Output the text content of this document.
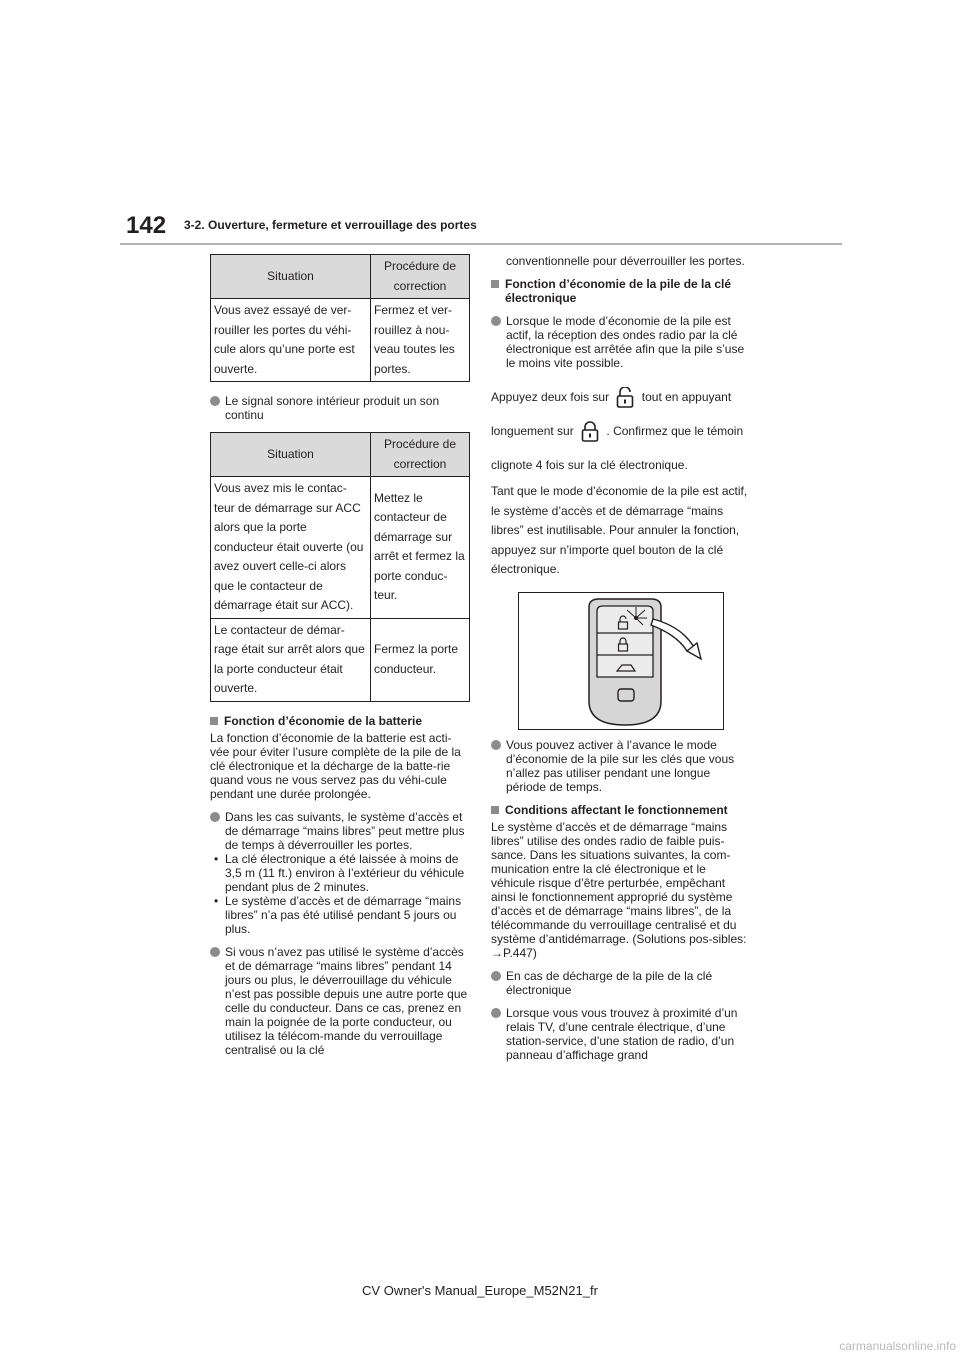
142 3-2. Ouverture, fermeture et verrouillage des portes
Situation	Procédure de correction
Vous avez essayé de ver-rouiller les portes du véhi-cule alors qu’une porte est ouverte.	Fermez et ver-rouillez à nou-veau toutes les portes.

Le signal sonore intérieur produit un son continu

Situation	Procédure de correction
Vous avez mis le contac-teur de démarrage sur ACC alors que la porte conducteur était ouverte (ou avez ouvert celle-ci alors que le contacteur de démarrage était sur ACC).	Mettez le contacteur de démarrage sur arrêt et fermez la porte conduc-teur.
Le contacteur de démar-rage était sur arrêt alors que la porte conducteur était ouverte.	Fermez la porte conducteur.
Fonction d’économie de la batterie

La fonction d’économie de la batterie est acti-vée pour éviter l’usure complète de la pile de la clé électronique et la décharge de la batte-rie quand vous ne vous servez pas du véhi-cule pendant une durée prolongée.

Dans les cas suivants, le système d’accès et de démarrage “mains libres” peut mettre plus de temps à déverrouiller les portes.

• La clé électronique a été laissée à moins de 3,5 m (11 ft.) environ à l’extérieur du véhicule pendant plus de 2 minutes.

• Le système d’accès et de démarrage “mains libres” n’a pas été utilisé pendant 5 jours ou plus.

Si vous n’avez pas utilisé le système d’accès et de démarrage “mains libres” pendant 14 jours ou plus, le déverrouillage du véhicule n’est pas possible depuis une autre porte que celle du conducteur. Dans ce cas, prenez en main la poignée de la porte conducteur, ou utilisez la télécom-mande du verrouillage centralisé ou la clé

conventionnelle pour déverrouiller les portes.

Fonction d’économie de la pile de la clé électronique

Lorsque le mode d’économie de la pile est actif, la réception des ondes radio par la clé électronique est arrêtée afin que la pile s’use le moins vite possible.

Appuyez deux fois sur	tout en appuyant longuement sur	. Confirmez que le témoin clignote 4 fois sur la clé électronique.

Tant que le mode d’économie de la pile est actif, le système d’accès et de démarrage “mains libres” est inutilisable. Pour annuler la fonction, appuyez sur n’importe quel bouton de la clé électronique.

Vous pouvez activer à l’avance le mode d’économie de la pile sur les clés que vous n’allez pas utiliser pendant une longue période de temps.

Conditions affectant le fonctionnement

Le système d’accès et de démarrage “mains libres” utilise des ondes radio de faible puis-sance. Dans les situations suivantes, la com-munication entre la clé électronique et le véhicule risque d’être perturbée, empêchant ainsi le fonctionnement approprié du système d’accès et de démarrage “mains libres”, de la télécommande du verrouillage centralisé et du système d’antidémarrage. (Solutions pos-sibles: →P.447)

En cas de décharge de la pile de la clé électronique

Lorsque vous vous trouvez à proximité d’un relais TV, d’une centrale électrique, d’une station-service, d’une station de radio, d’un panneau d’affichage grand

CV Owner's Manual_Europe_M52N21_fr
carmanualsonline.info
